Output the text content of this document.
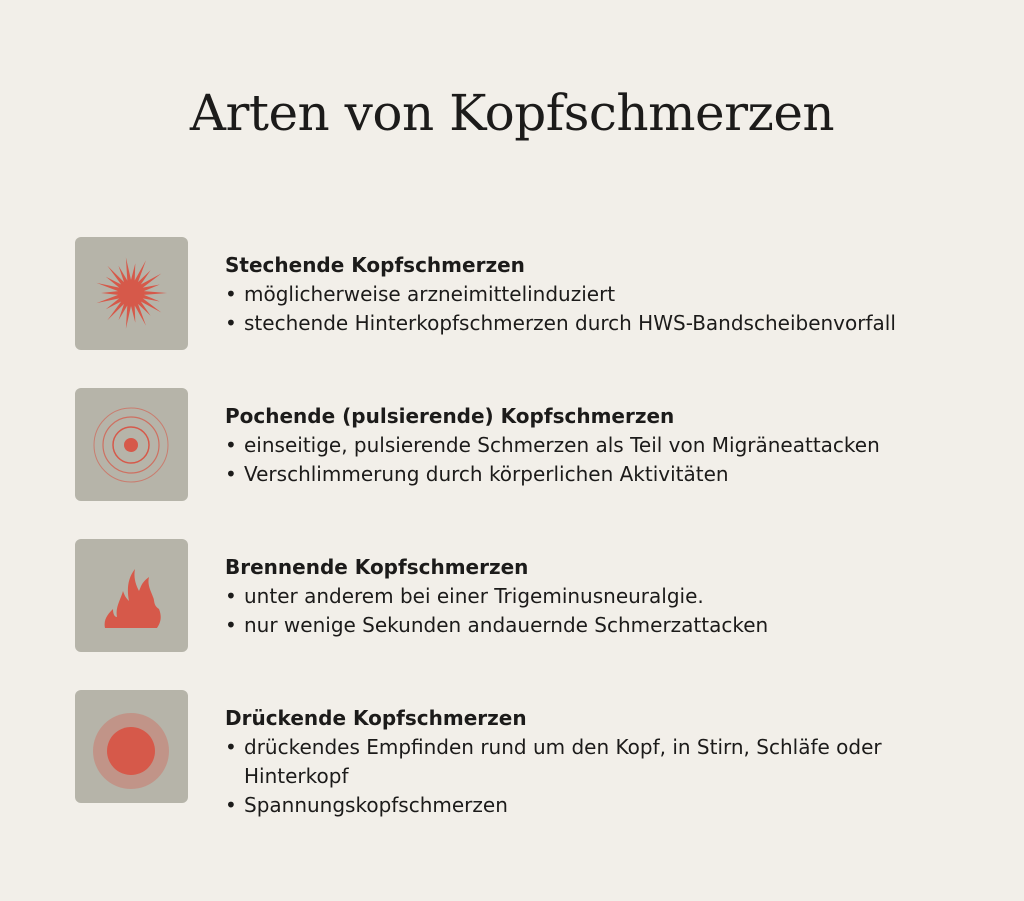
Arten von Kopfschmerzen
Stechende Kopfschmerzen
• möglicherweise arzneimittelinduziert
• stechende Hinterkopfschmerzen durch HWS-Bandscheibenvorfall
Pochende (pulsierende) Kopfschmerzen
• einseitige, pulsierende Schmerzen als Teil von Migräneattacken
• Verschlimmerung durch körperlichen Aktivitäten
Brennende Kopfschmerzen
• unter anderem bei einer Trigeminusneuralgie.
• nur wenige Sekunden andauernde Schmerzattacken
Drückende Kopfschmerzen
• drückendes Empfinden rund um den Kopf, in Stirn, Schläfe oder Hinterkopf
• Spannungskopfschmerzen
